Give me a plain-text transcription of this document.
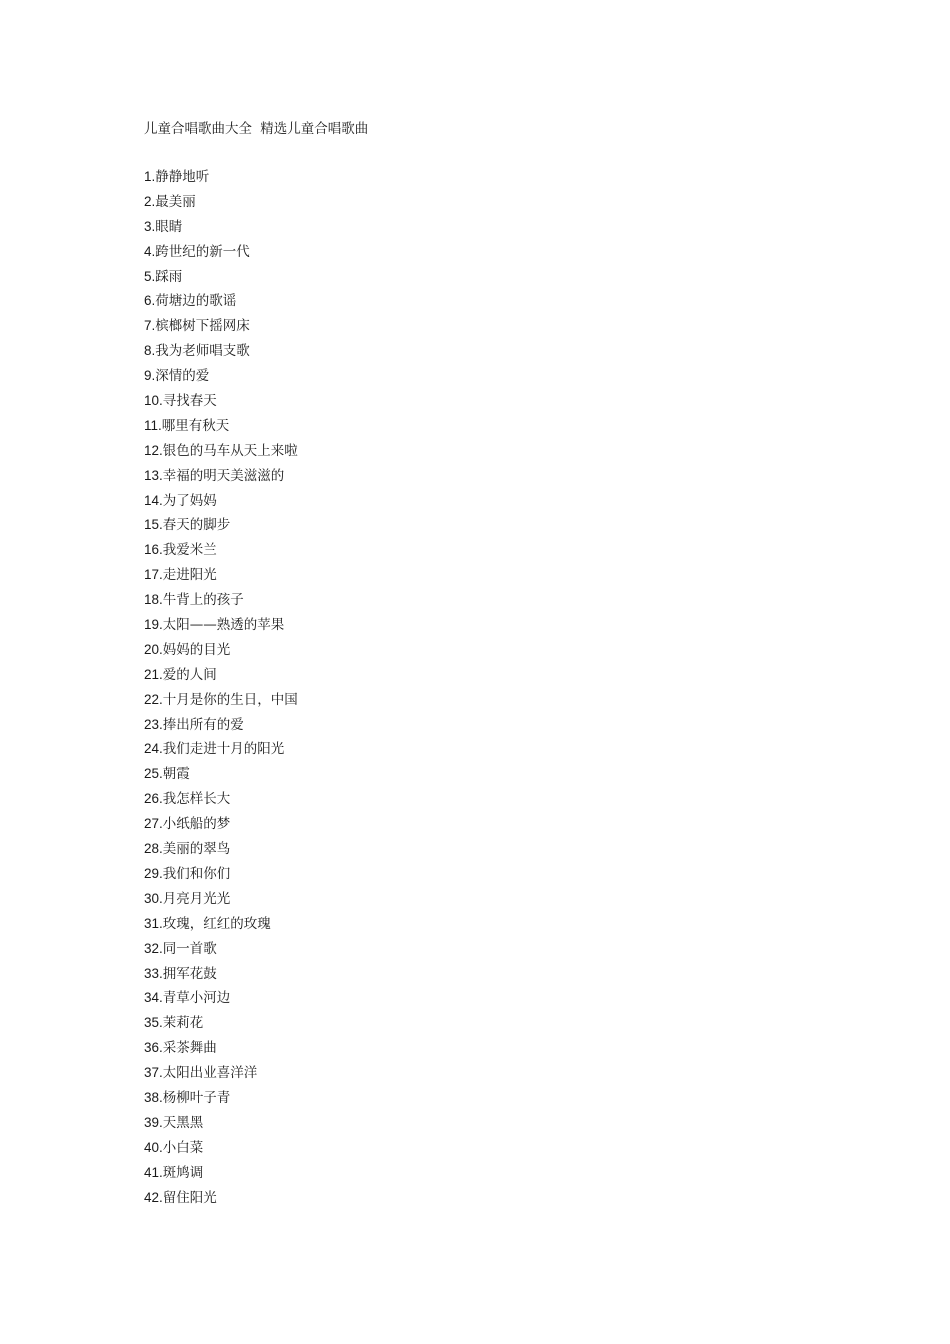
儿童合唱歌曲大全 精选儿童合唱歌曲
1.静静地听
2.最美丽
3.眼睛
4.跨世纪的新一代
5.踩雨
6.荷塘边的歌谣
7.槟榔树下摇网床
8.我为老师唱支歌
9.深情的爱
10.寻找春天
11.哪里有秋天
12.银色的马车从天上来啦
13.幸福的明天美滋滋的
14.为了妈妈
15.春天的脚步
16.我爱米兰
17.走进阳光
18.牛背上的孩子
19.太阳——熟透的苹果
20.妈妈的目光
21.爱的人间
22.十月是你的生日，中国
23.捧出所有的爱
24.我们走进十月的阳光
25.朝霞
26.我怎样长大
27.小纸船的梦
28.美丽的翠鸟
29.我们和你们
30.月亮月光光
31.玫瑰，红红的玫瑰
32.同一首歌
33.拥军花鼓
34.青草小河边
35.茉莉花
36.采茶舞曲
37.太阳出业喜洋洋
38.杨柳叶子青
39.天黑黑
40.小白菜
41.斑鸠调
42.留住阳光
